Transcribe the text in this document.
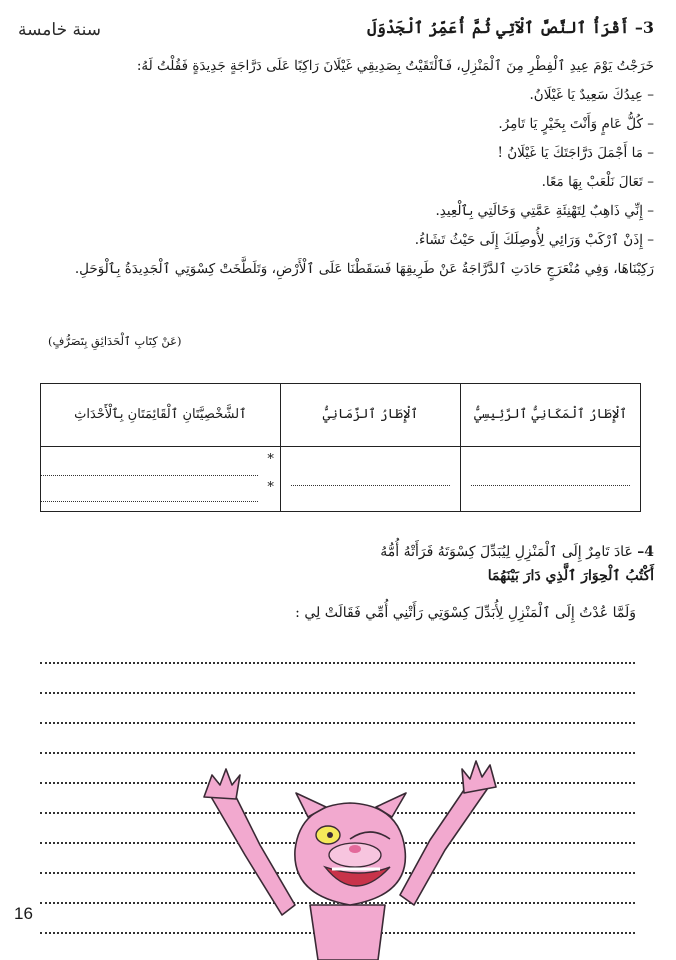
سنة خامسة	3– أَقْرَأُ ٱلنَّصَّ ٱلْآتِي ثُمَّ أُعَمِّرُ ٱلْجَدْوَلَ

خَرَجْتُ يَوْمَ عِيدِ ٱلْفِطْرِ مِنَ ٱلْمَنْزِلِ، فَٱلْتَقَيْتُ بِصَدِيقِي غَيْلَانَ رَاكِبًا عَلَى دَرَّاجَةٍ جَدِيدَةٍ فَقُلْتُ لَهُ:

– عِيدُكَ سَعِيدٌ يَا غَيْلَانُ.

– كُلُّ عَامٍ وَأَنْتَ بِخَيْرٍ يَا تَامِرُ.

– مَا أَجْمَلَ دَرَّاجَتَكَ يَا غَيْلَانُ !

– تَعَالَ نَلْعَبْ بِهَا مَعًا.

– إِنِّي ذَاهِبٌ لِتَهْنِئَةِ عَمَّتِي وَخَالَتِي بِٱلْعِيدِ.

– إِذَنْ ٱرْكَبْ وَرَائِي لِأُوصِلَكَ إِلَى حَيْثُ تَشَاءُ.

رَكِبْنَاهَا، وَفِي مُنْعَرَجٍ حَادَتِ ٱلدَّرَّاجَةُ عَنْ طَرِيقِهَا فَسَقَطْنَا عَلَى ٱلْأَرْضِ، وَتَلَطَّخَتْ كِسْوَتِي ٱلْجَدِيدَةُ بِٱلْوَحَلِ.

(عَنْ كِتَابِ ٱلْحَدَائِقِ بِتَصَرُّفٍ)
ٱلْإِطَارُ ٱلْمَكَانِيُّ ٱلرَّئِيسِيُّ	ٱلْإِطَارُ ٱلزَّمَانِيُّ	ٱلشَّخْصِيَّتَانِ ٱلْقَائِمَتَانِ بِٱلْأَحْدَاثِ

		*
*
4– عَادَ تَامِرٌ إِلَى ٱلْمَنْزِلِ لِيُبَدِّلَ كِسْوَتَهُ فَرَأَتْهُ أُمُّهُ
أَكْتُبُ ٱلْحِوَارَ ٱلَّذِي دَارَ بَيْنَهُمَا
وَلَمَّا عُدْتُ إِلَى ٱلْمَنْزِلِ لِأُبَدِّلَ كِسْوَتِي رَأَتْنِي أُمِّي فَقَالَتْ لِي :
16
